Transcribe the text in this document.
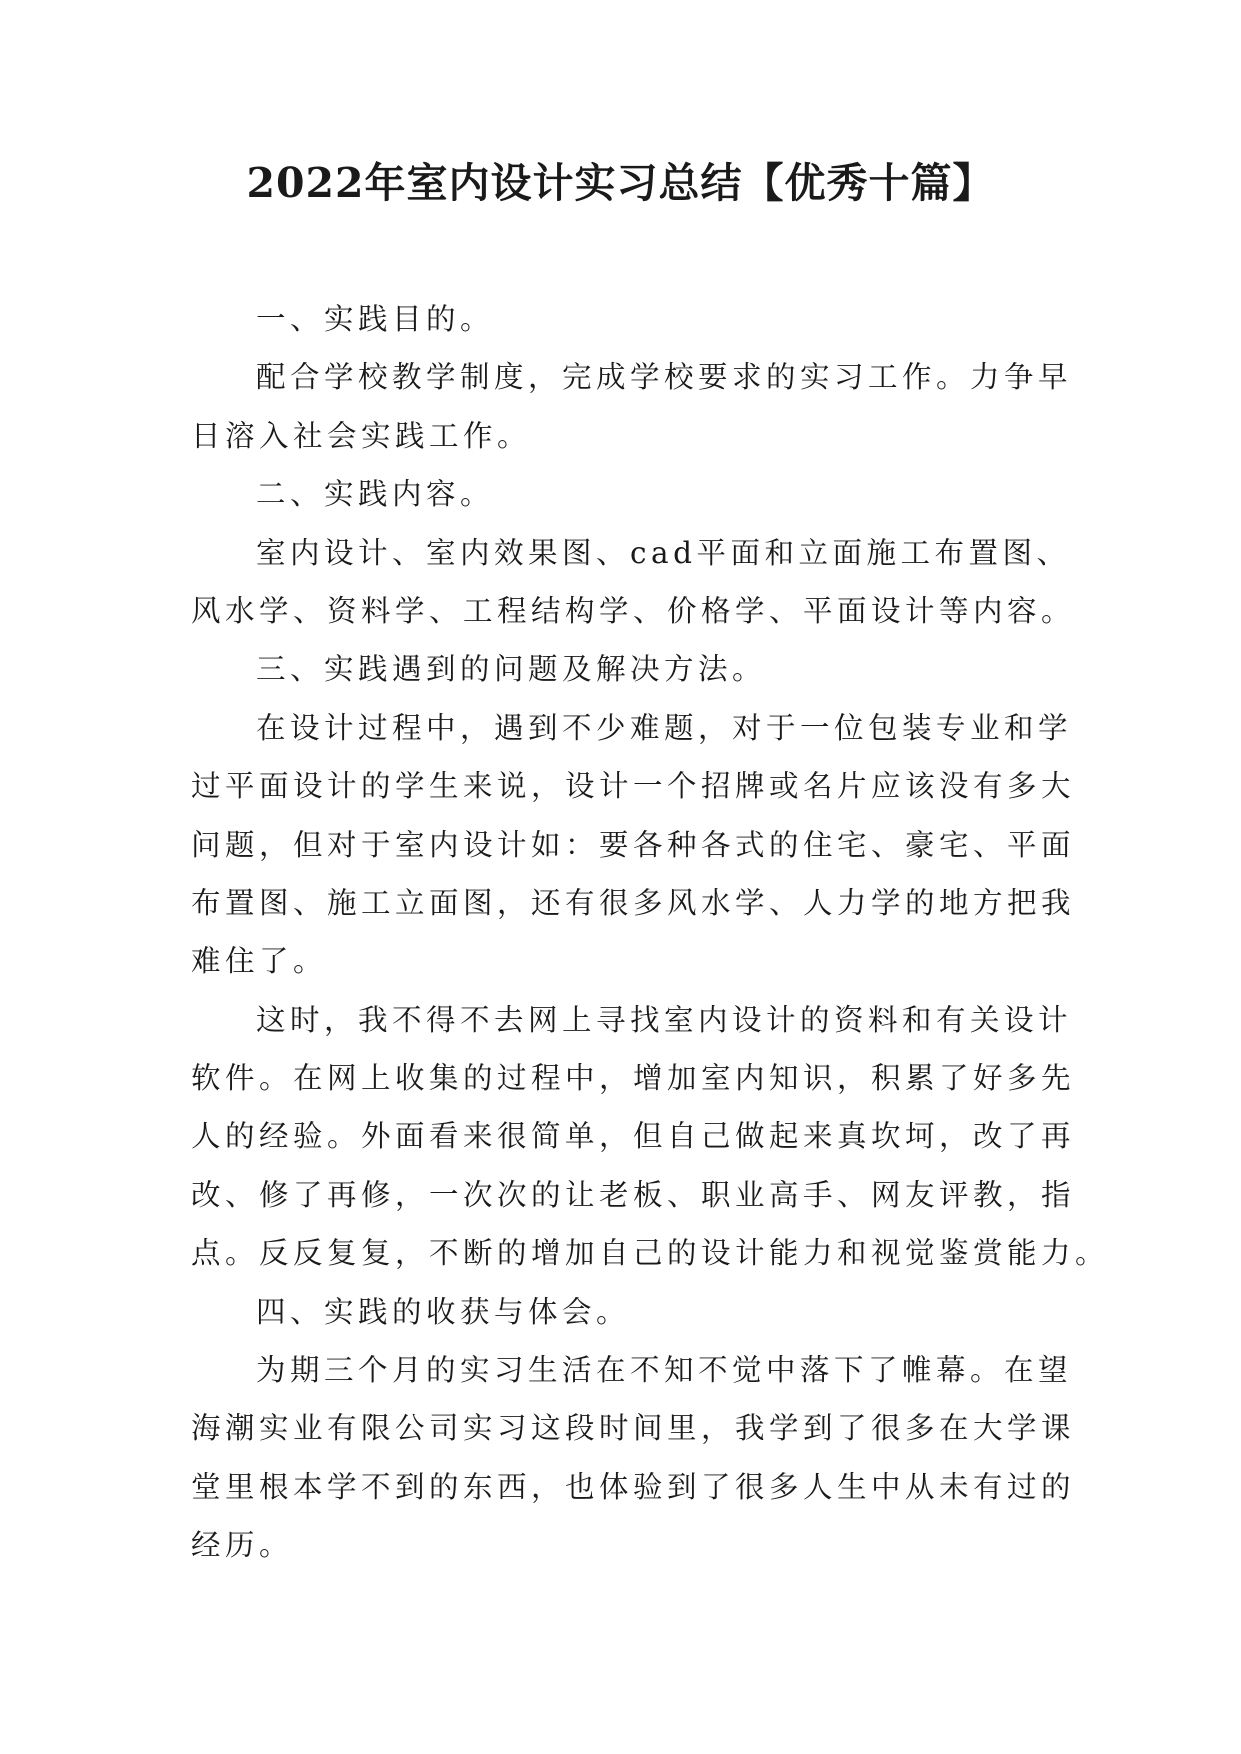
2022年室内设计实习总结【优秀十篇】
一、实践目的。
配合学校教学制度，完成学校要求的实习工作。力争早
日溶入社会实践工作。
二、实践内容。
室内设计、室内效果图、cad平面和立面施工布置图、
风水学、资料学、工程结构学、价格学、平面设计等内容。
三、实践遇到的问题及解决方法。
在设计过程中，遇到不少难题，对于一位包装专业和学
过平面设计的学生来说，设计一个招牌或名片应该没有多大
问题，但对于室内设计如：要各种各式的住宅、豪宅、平面
布置图、施工立面图，还有很多风水学、人力学的地方把我
难住了。
这时，我不得不去网上寻找室内设计的资料和有关设计
软件。在网上收集的过程中，增加室内知识，积累了好多先
人的经验。外面看来很简单，但自己做起来真坎坷，改了再
改、修了再修，一次次的让老板、职业高手、网友评教，指
点。反反复复，不断的增加自己的设计能力和视觉鉴赏能力。
四、实践的收获与体会。
为期三个月的实习生活在不知不觉中落下了帷幕。在望
海潮实业有限公司实习这段时间里，我学到了很多在大学课
堂里根本学不到的东西，也体验到了很多人生中从未有过的
经历。
